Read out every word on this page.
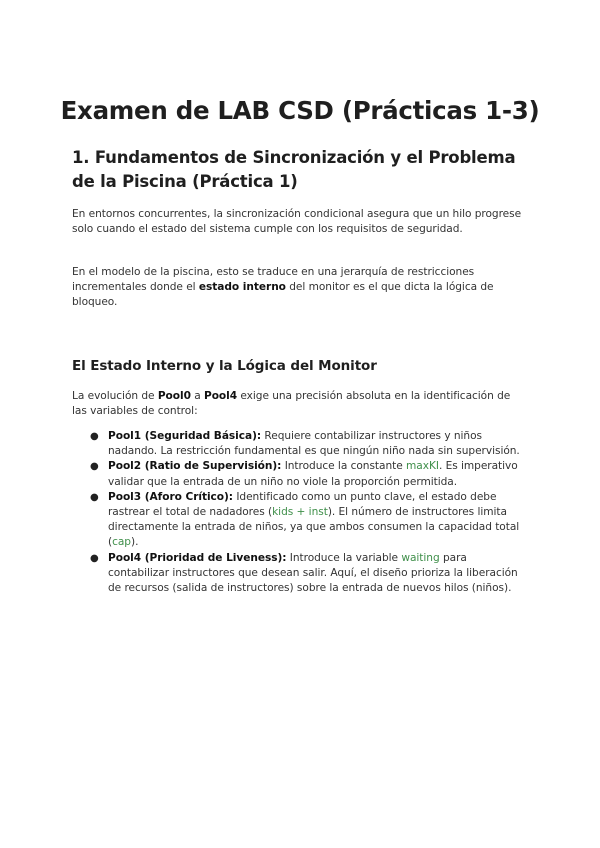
Examen de LAB CSD (Prácticas 1-3)
1. Fundamentos de Sincronización y el Problema de la Piscina (Práctica 1)

En entornos concurrentes, la sincronización condicional asegura que un hilo progrese solo cuando el estado del sistema cumple con los requisitos de seguridad.

En el modelo de la piscina, esto se traduce en una jerarquía de restricciones incrementales donde el estado interno del monitor es el que dicta la lógica de bloqueo.

El Estado Interno y la Lógica del Monitor

La evolución de Pool0 a Pool4 exige una precisión absoluta en la identificación de las variables de control:

● Pool1 (Seguridad Básica): Requiere contabilizar instructores y niños nadando. La restricción fundamental es que ningún niño nada sin supervisión.
● Pool2 (Ratio de Supervisión): Introduce la constante maxKI. Es imperativo validar que la entrada de un niño no viole la proporción permitida.
● Pool3 (Aforo Crítico): Identificado como un punto clave, el estado debe rastrear el total de nadadores (kids + inst). El número de instructores limita directamente la entrada de niños, ya que ambos consumen la capacidad total (cap).
● Pool4 (Prioridad de Liveness): Introduce la variable waiting para contabilizar instructores que desean salir. Aquí, el diseño prioriza la liberación de recursos (salida de instructores) sobre la entrada de nuevos hilos (niños).
